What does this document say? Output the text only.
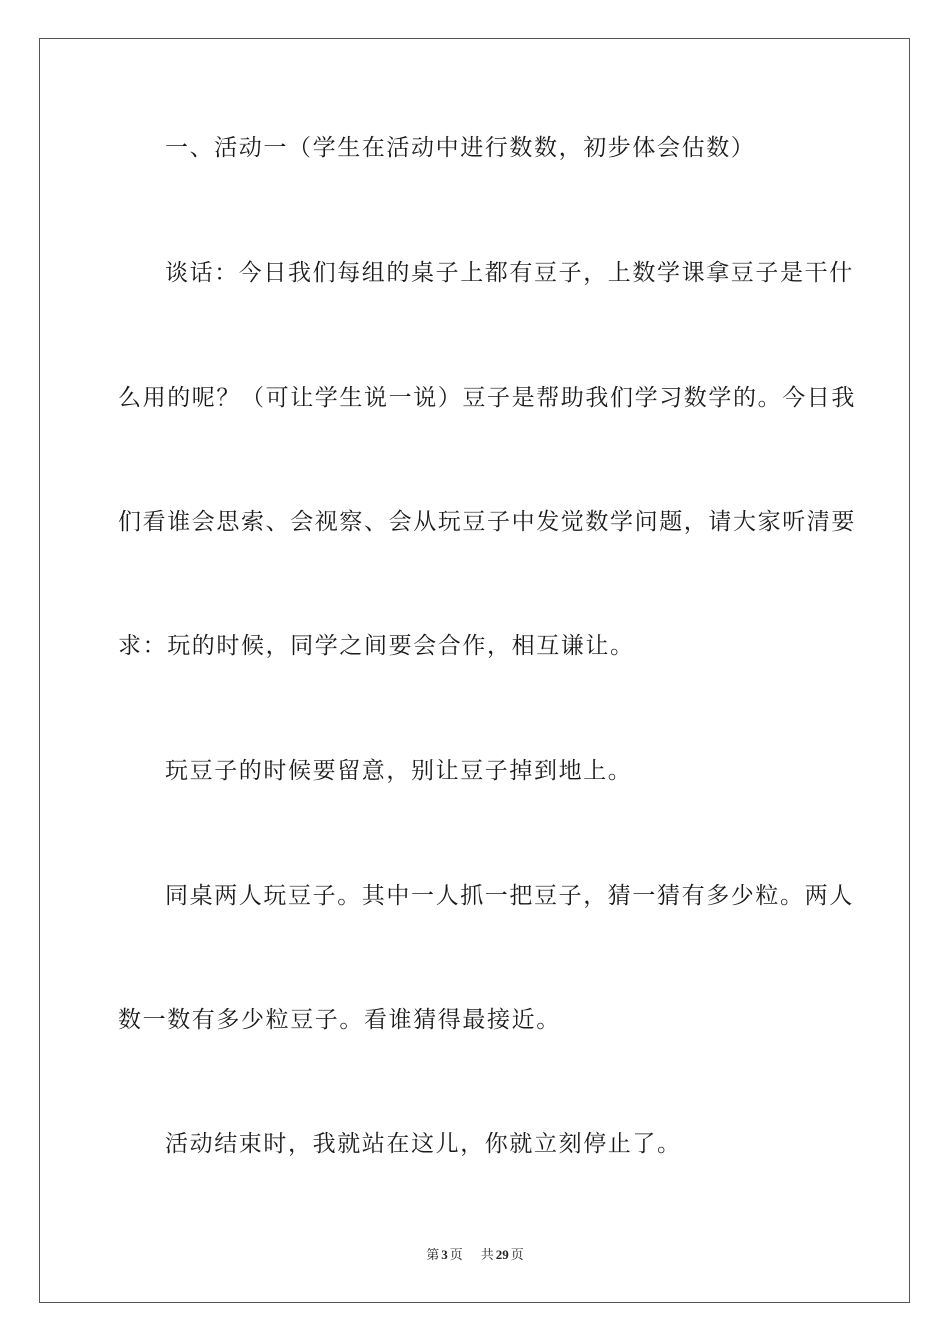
一、活动一（学生在活动中进行数数，初步体会估数）
谈话：今日我们每组的桌子上都有豆子，上数学课拿豆子是干什
么用的呢？（可让学生说一说）豆子是帮助我们学习数学的。今日我
们看谁会思索、会视察、会从玩豆子中发觉数学问题，请大家听清要
求：玩的时候，同学之间要会合作，相互谦让。
玩豆子的时候要留意，别让豆子掉到地上。
同桌两人玩豆子。其中一人抓一把豆子，猜一猜有多少粒。两人
数一数有多少粒豆子。看谁猜得最接近。
活动结束时，我就站在这儿，你就立刻停止了。
第 3 页 共 29 页
